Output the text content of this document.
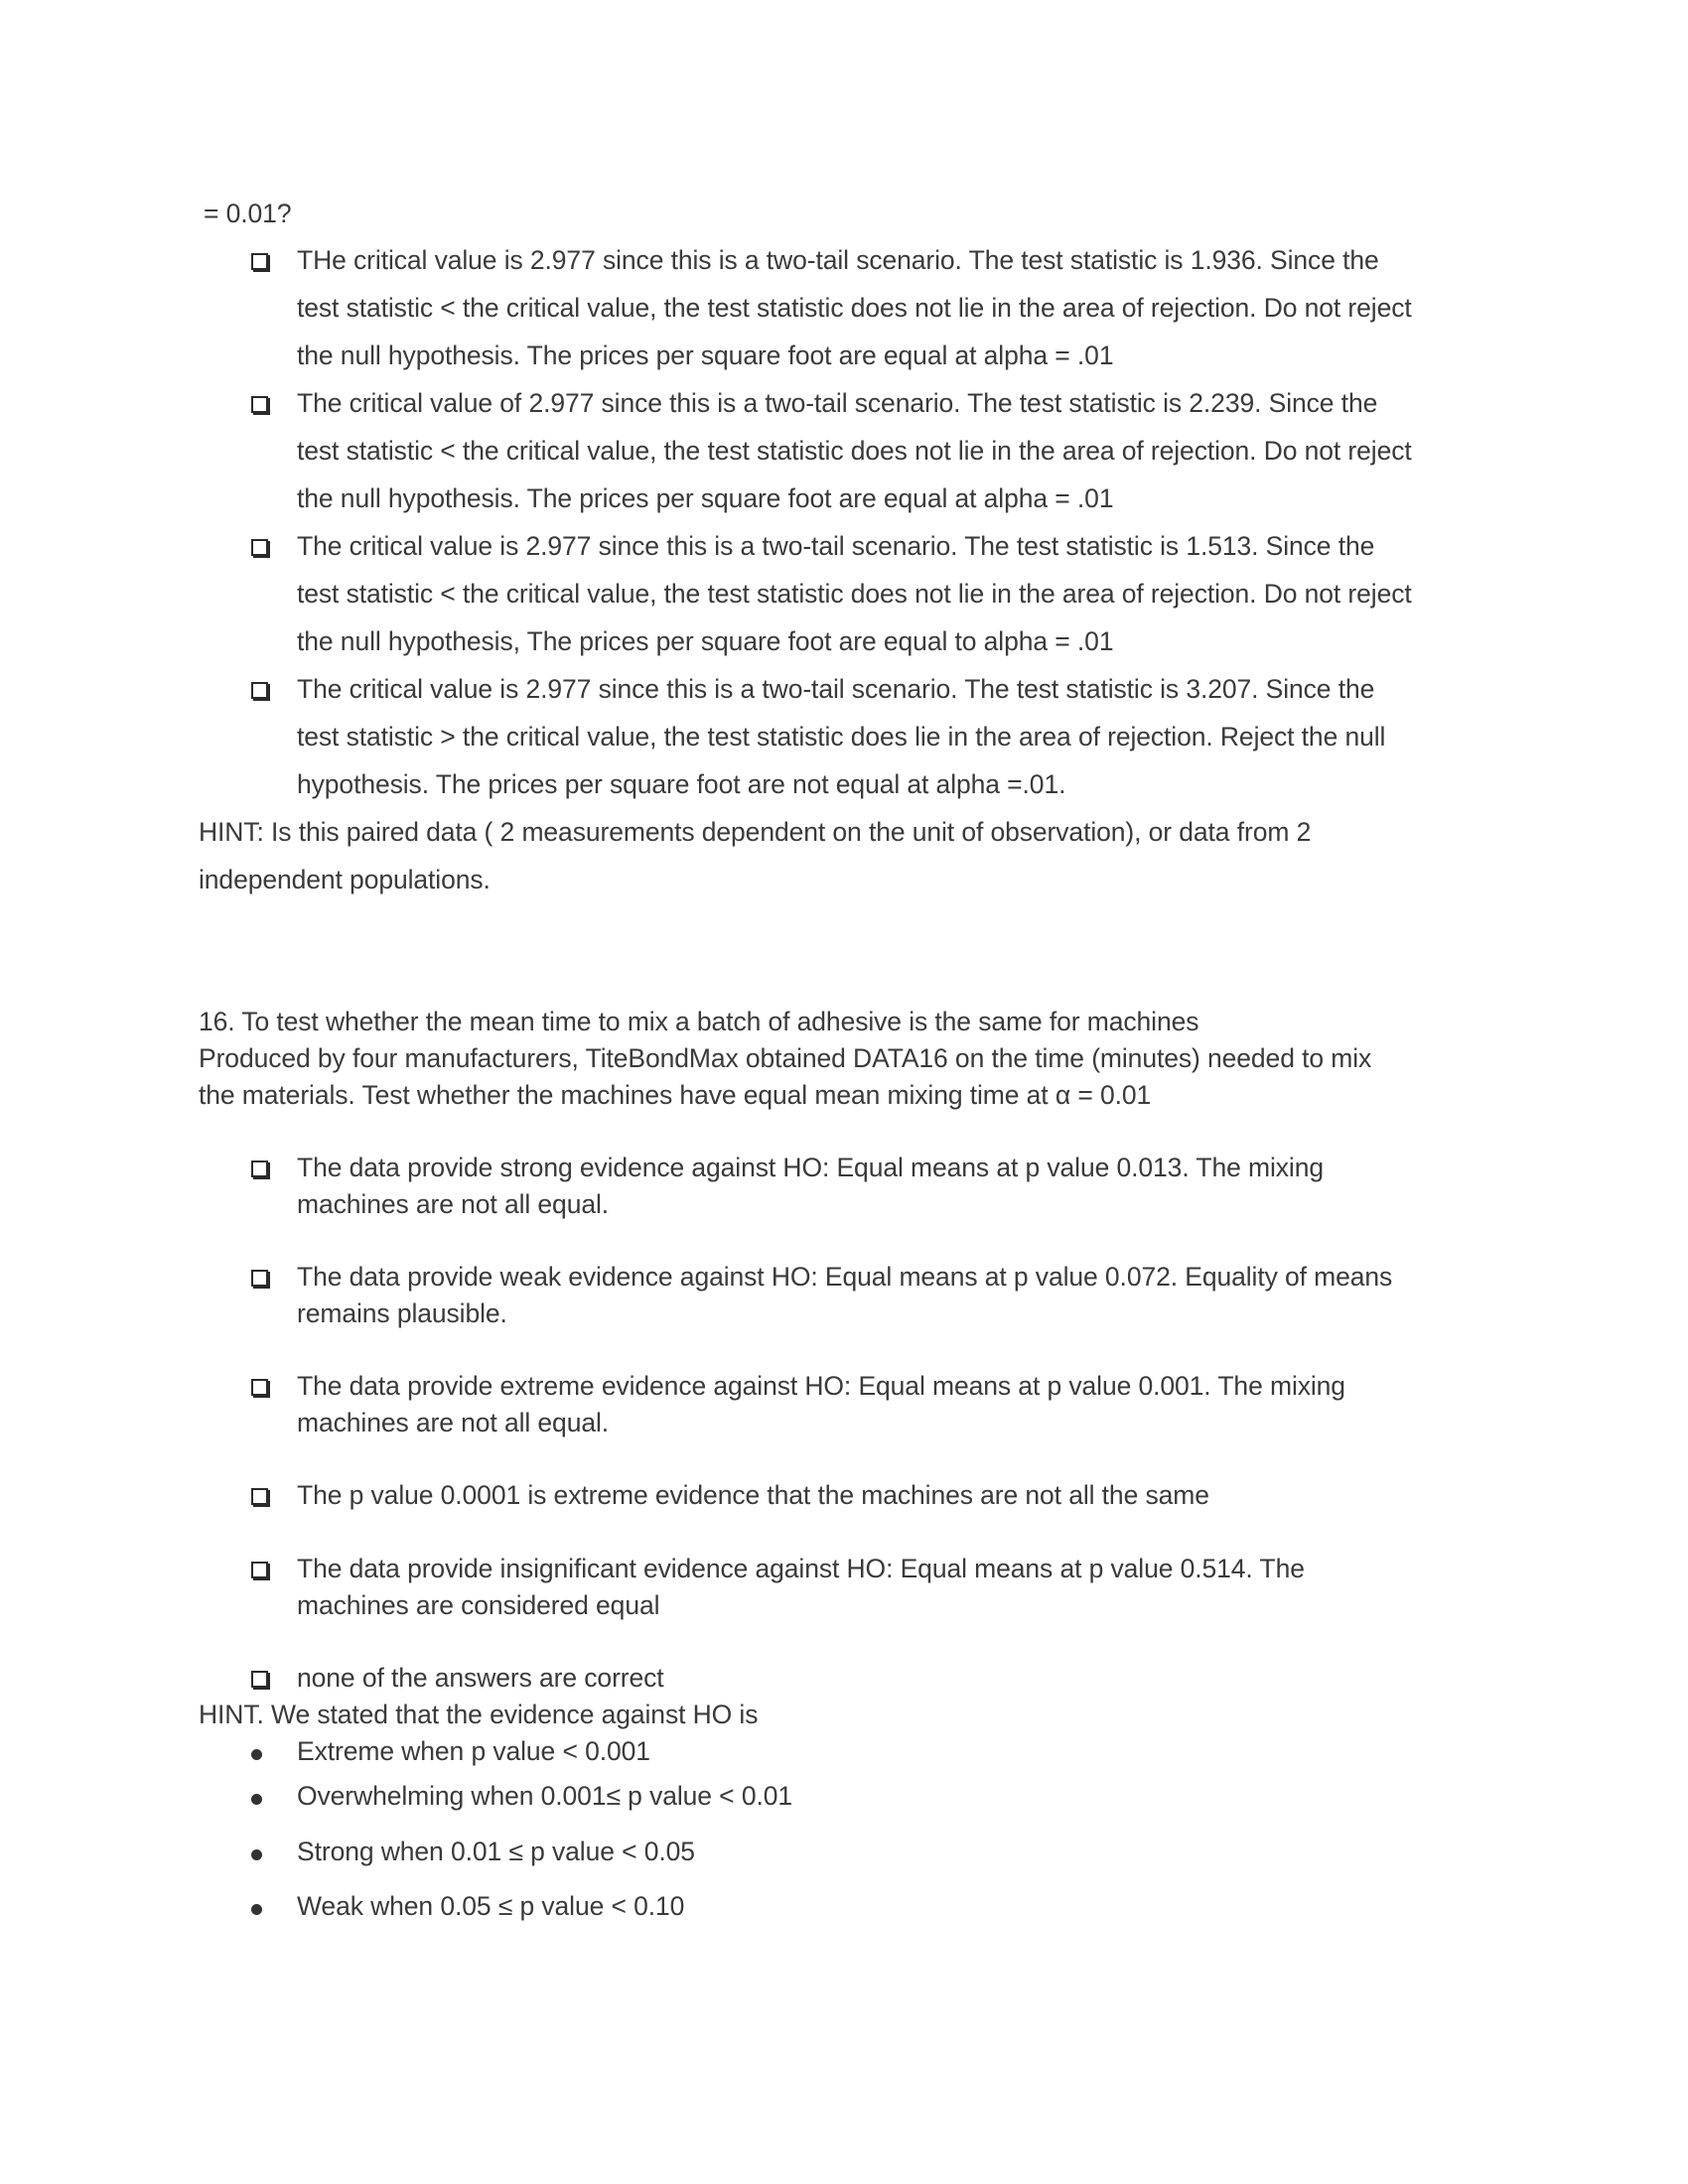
= 0.01?
THe critical value is 2.977 since this is a two-tail scenario. The test statistic is 1.936. Since the
test statistic < the critical value, the test statistic does not lie in the area of rejection. Do not reject
the null hypothesis. The prices per square foot are equal at alpha = .01
The critical value of 2.977 since this is a two-tail scenario. The test statistic is 2.239. Since the
test statistic < the critical value, the test statistic does not lie in the area of rejection. Do not reject
the null hypothesis. The prices per square foot are equal at alpha = .01
The critical value is 2.977 since this is a two-tail scenario. The test statistic is 1.513. Since the
test statistic < the critical value, the test statistic does not lie in the area of rejection. Do not reject
the null hypothesis, The prices per square foot are equal to alpha = .01
The critical value is 2.977 since this is a two-tail scenario. The test statistic is 3.207. Since the
test statistic > the critical value, the test statistic does lie in the area of rejection. Reject the null
hypothesis. The prices per square foot are not equal at alpha =.01.
HINT: Is this paired data ( 2 measurements dependent on the unit of observation), or data from 2
independent populations.
16. To test whether the mean time to mix a batch of adhesive is the same for machines
Produced by four manufacturers, TiteBondMax obtained DATA16 on the time (minutes) needed to mix
the materials. Test whether the machines have equal mean mixing time at α = 0.01
The data provide strong evidence against HO: Equal means at p value 0.013. The mixing
machines are not all equal.
The data provide weak evidence against HO: Equal means at p value 0.072. Equality of means
remains plausible.
The data provide extreme evidence against HO: Equal means at p value 0.001. The mixing
machines are not all equal.
The p value 0.0001 is extreme evidence that the machines are not all the same
The data provide insignificant evidence against HO: Equal means at p value 0.514. The
machines are considered equal
none of the answers are correct
HINT. We stated that the evidence against HO is
Extreme when p value < 0.001
Overwhelming when 0.001≤ p value < 0.01
Strong when 0.01 ≤ p value < 0.05
Weak when 0.05 ≤ p value < 0.10
